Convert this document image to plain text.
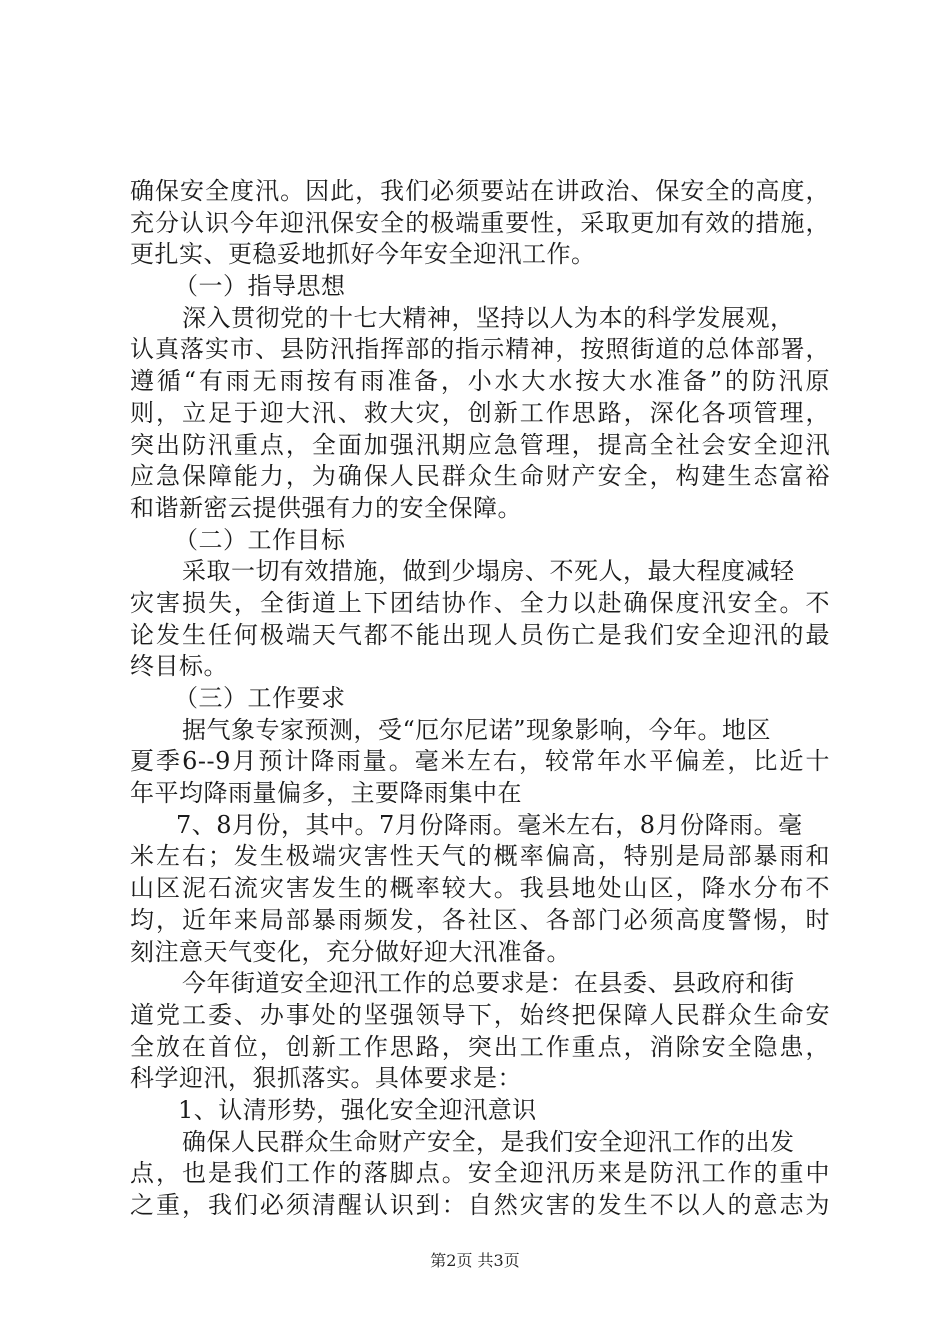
确保安全度汛。因此，我们必须要站在讲政治、保安全的高度，
充分认识今年迎汛保安全的极端重要性，采取更加有效的措施，
更扎实、更稳妥地抓好今年安全迎汛工作。
（一）指导思想
深入贯彻党的十七大精神，坚持以人为本的科学发展观，
认真落实市、县防汛指挥部的指示精神，按照街道的总体部署，
遵循“有雨无雨按有雨准备，小水大水按大水准备”的防汛原
则，立足于迎大汛、救大灾，创新工作思路，深化各项管理，
突出防汛重点，全面加强汛期应急管理，提高全社会安全迎汛
应急保障能力，为确保人民群众生命财产安全，构建生态富裕
和谐新密云提供强有力的安全保障。
（二）工作目标
采取一切有效措施，做到少塌房、不死人，最大程度减轻
灾害损失，全街道上下团结协作、全力以赴确保度汛安全。不
论发生任何极端天气都不能出现人员伤亡是我们安全迎汛的最
终目标。
（三）工作要求
据气象专家预测，受“厄尔尼诺”现象影响，今年。地区
夏季6--9月预计降雨量。毫米左右，较常年水平偏差，比近十
年平均降雨量偏多，主要降雨集中在
7、8月份，其中。7月份降雨。毫米左右，8月份降雨。毫
米左右；发生极端灾害性天气的概率偏高，特别是局部暴雨和
山区泥石流灾害发生的概率较大。我县地处山区，降水分布不
均，近年来局部暴雨频发，各社区、各部门必须高度警惕，时
刻注意天气变化，充分做好迎大汛准备。
今年街道安全迎汛工作的总要求是：在县委、县政府和街
道党工委、办事处的坚强领导下，始终把保障人民群众生命安
全放在首位，创新工作思路，突出工作重点，消除安全隐患，
科学迎汛，狠抓落实。具体要求是：
1、认清形势，强化安全迎汛意识
确保人民群众生命财产安全，是我们安全迎汛工作的出发
点，也是我们工作的落脚点。安全迎汛历来是防汛工作的重中
之重，我们必须清醒认识到：自然灾害的发生不以人的意志为
第2页 共3页
